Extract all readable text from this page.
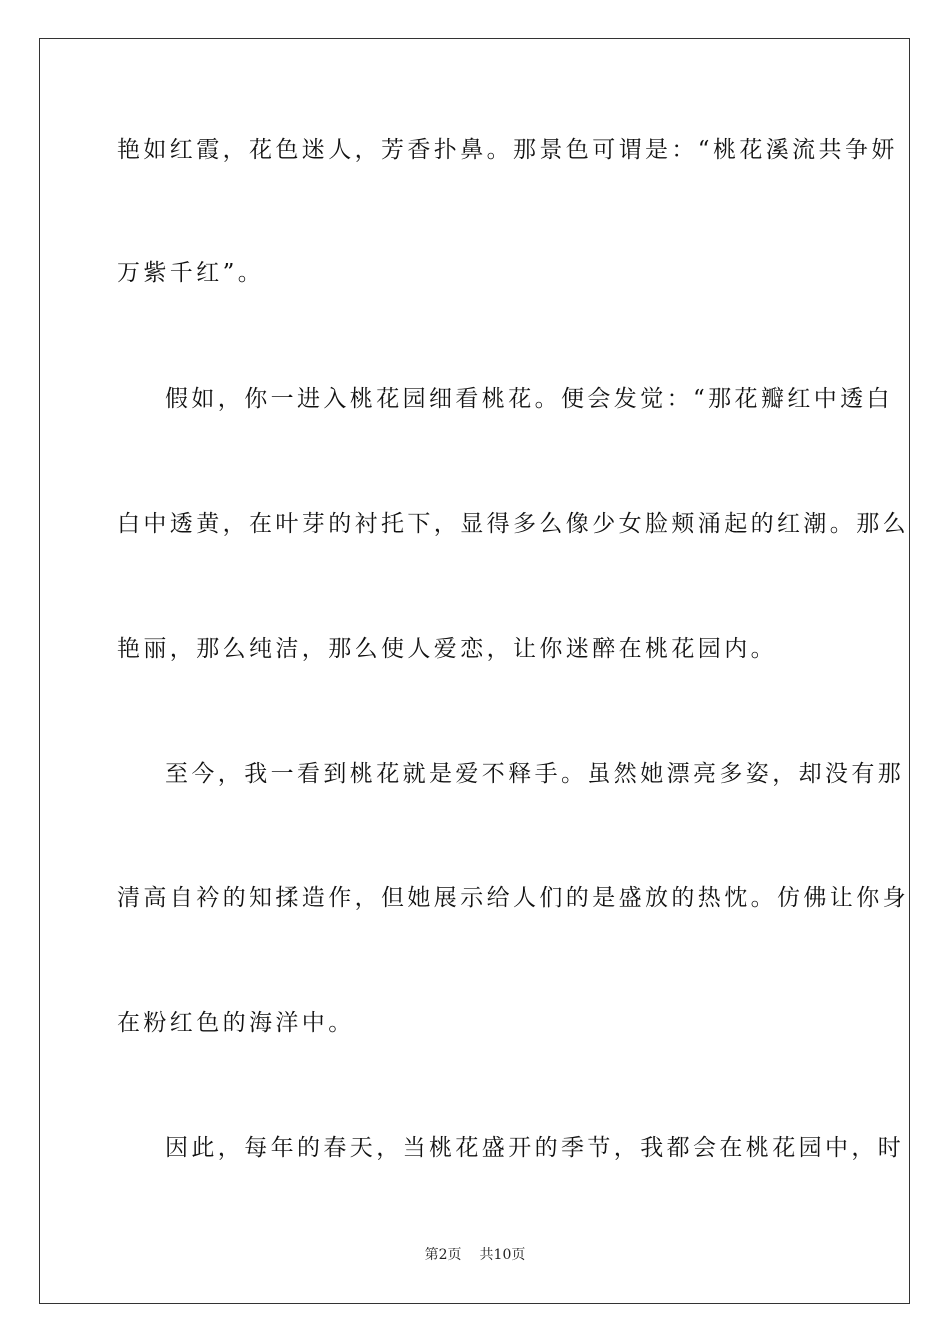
艳如红霞，花色迷人，芳香扑鼻。那景色可谓是：“桃花溪流共争妍
万紫千红”。
假如，你一进入桃花园细看桃花。便会发觉：“那花瓣红中透白
白中透黄，在叶芽的衬托下，显得多么像少女脸颊涌起的红潮。那么
艳丽，那么纯洁，那么使人爱恋，让你迷醉在桃花园内。
至今，我一看到桃花就是爱不释手。虽然她漂亮多姿，却没有那
清高自衿的知揉造作，但她展示给人们的是盛放的热忱。仿佛让你身
在粉红色的海洋中。
因此，每年的春天，当桃花盛开的季节，我都会在桃花园中，时
第2页 共10页
